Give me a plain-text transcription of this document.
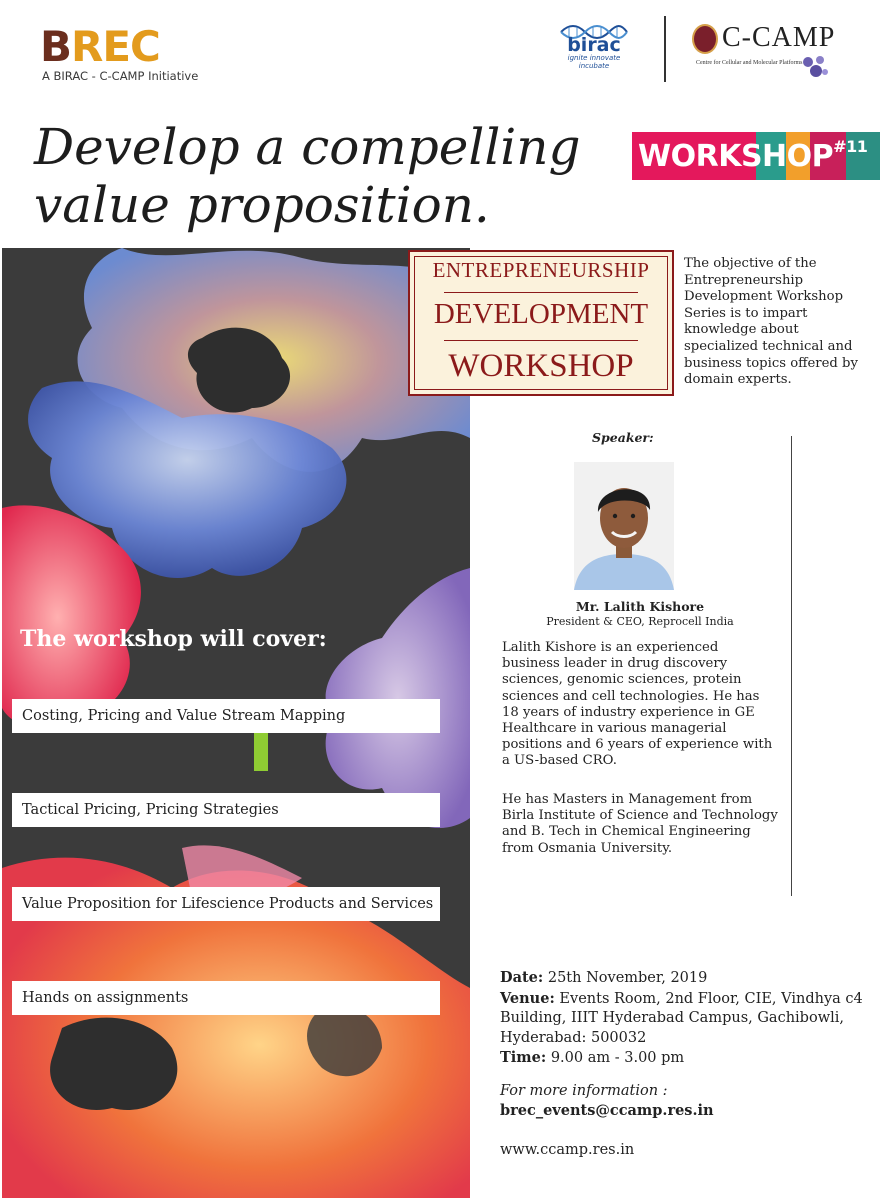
BREC
A BIRAC - C-CAMP Initiative
birac
ignite innovate incubate
C-CAMP
Centre for Cellular and Molecular Platforms
Develop a compelling
value proposition.
WORKSHOP$^{\#11}$
The workshop will cover:
Costing, Pricing and Value Stream Mapping
Tactical Pricing, Pricing Strategies
Value Proposition for Lifescience Products and Services
Hands on assignments
ENTREPRENEURSHIP
DEVELOPMENT
WORKSHOP

The objective of the Entrepreneurship Development Workshop Series is to impart knowledge about specialized technical and business topics offered by domain experts.

Speaker:
Mr. Lalith Kishore
President & CEO, Reprocell India

Lalith Kishore is an experienced business leader in drug discovery sciences, genomic sciences, protein sciences and cell technologies. He has 18 years of industry experience in GE Healthcare in various managerial positions and 6 years of experience with a US-based CRO.

He has Masters in Management from Birla Institute of Science and Technology and B. Tech in Chemical Engineering from Osmania University.

Date: 25th November, 2019
Venue: Events Room, 2nd Floor, CIE, Vindhya c4 Building, IIIT Hyderabad Campus, Gachibowli, Hyderabad: 500032
Time: 9.00 am - 3.00 pm
For more information :
brec_events@ccamp.res.in
www.ccamp.res.in
